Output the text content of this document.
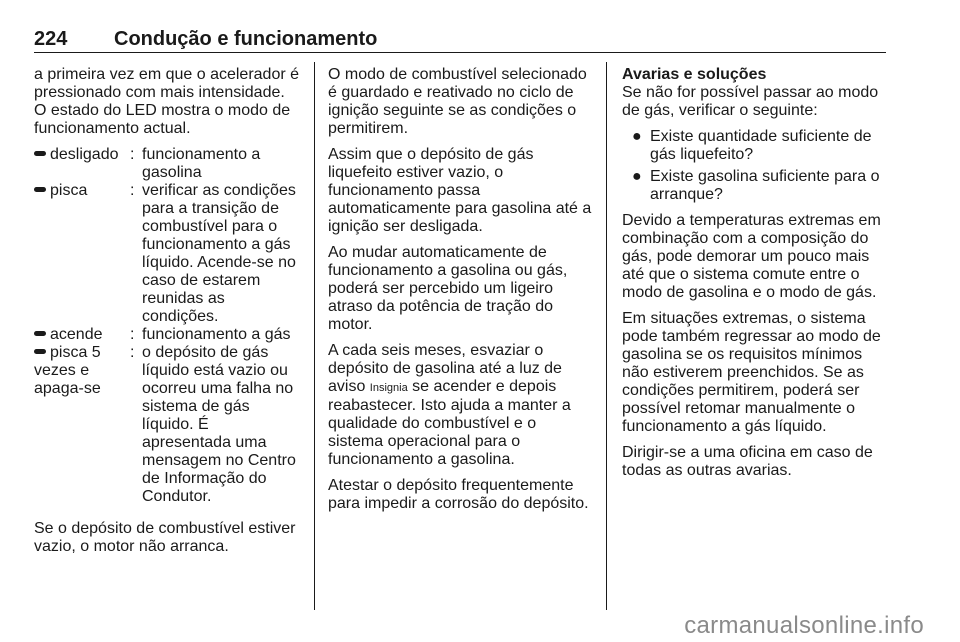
224 Condução e funcionamento

a primeira vez em que o acelerador é pressionado com mais intensidade. O estado do LED mostra o modo de funcionamento actual.

desligado : funcionamento a gasolina
pisca	: verificar as condições para a transição de combustível para o funcionamento a gás líquido. Acende-se no caso de estarem reunidas as condições.
acende	: funcionamento a gás
pisca 5 vezes e apaga-se
: o depósito de gás líquido está vazio ou ocorreu uma falha no sistema de gás líquido. É apresentada uma mensagem no Centro de Informação do Condutor.

Se o depósito de combustível estiver vazio, o motor não arranca.

O modo de combustível selecionado é guardado e reativado no ciclo de ignição seguinte se as condições o permitirem.

Assim que o depósito de gás liquefeito estiver vazio, o funcionamento passa automaticamente para gasolina até a ignição ser desligada.

Ao mudar automaticamente de funcionamento a gasolina ou gás, poderá ser percebido um ligeiro atraso da potência de tração do motor.

A cada seis meses, esvaziar o depósito de gasolina até a luz de aviso Insignia se acender e depois reabastecer. Isto ajuda a manter a qualidade do combustível e o sistema operacional para o funcionamento a gasolina.

Atestar o depósito frequentemente para impedir a corrosão do depósito.

Avarias e soluções

Se não for possível passar ao modo de gás, verificar o seguinte:

● Existe quantidade suficiente de gás liquefeito?
● Existe gasolina suficiente para o arranque?

Devido a temperaturas extremas em combinação com a composição do gás, pode demorar um pouco mais até que o sistema comute entre o modo de gasolina e o modo de gás.

Em situações extremas, o sistema pode também regressar ao modo de gasolina se os requisitos mínimos não estiverem preenchidos. Se as condições permitirem, poderá ser possível retomar manualmente o funcionamento a gás líquido.

Dirigir-se a uma oficina em caso de todas as outras avarias.

carmanualsonline.info
